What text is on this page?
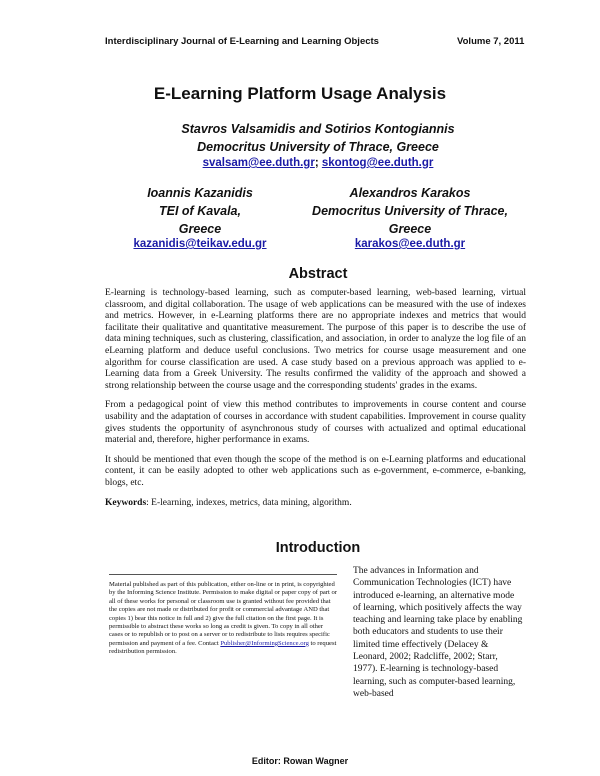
Interdisciplinary Journal of E-Learning and Learning Objects	Volume 7, 2011
E-Learning Platform Usage Analysis
Stavros Valsamidis and Sotirios Kontogiannis
Democritus University of Thrace, Greece
svalsam@ee.duth.gr; skontog@ee.duth.gr
Ioannis Kazanidis
TEI of Kavala,
Greece
Alexandros Karakos
Democritus University of Thrace,
Greece
kazanidis@teikav.edu.gr	karakos@ee.duth.gr
Abstract

E-learning is technology-based learning, such as computer-based learning, web-based learning, virtual classroom, and digital collaboration. The usage of web applications can be measured with the use of indexes and metrics. However, in e-Learning platforms there are no appropriate indexes and metrics that would facilitate their qualitative and quantitative measurement. The purpose of this paper is to describe the use of data mining techniques, such as clustering, classification, and association, in order to analyze the log file of an eLearning platform and deduce useful conclusions. Two metrics for course usage measurement and one algorithm for course classification are used. A case study based on a previous approach was applied to e-Learning data from a Greek University. The results confirmed the validity of the approach and showed a strong relationship between the course usage and the corresponding students' grades in the exams.

From a pedagogical point of view this method contributes to improvements in course content and course usability and the adaptation of courses in accordance with student capabilities. Improvement in course quality gives students the opportunity of asynchronous study of courses with actualized and optimal educational material and, therefore, higher performance in exams.

It should be mentioned that even though the scope of the method is on e-Learning platforms and educational content, it can be easily adopted to other web applications such as e-government, e-commerce, e-banking, blogs, etc.

Keywords: E-learning, indexes, metrics, data mining, algorithm.

Introduction
Material published as part of this publication, either on-line or in print, is copyrighted by the Informing Science Institute. Permission to make digital or paper copy of part or all of these works for personal or classroom use is granted without fee provided that the copies are not made or distributed for profit or commercial advantage AND that copies 1) bear this notice in full and 2) give the full citation on the first page. It is permissible to abstract these works so long as credit is given. To copy in all other cases or to republish or to post on a server or to redistribute to lists requires specific permission and payment of a fee. Contact Publisher@InformingScience.org to request redistribution permission.
The advances in Information and Communication Technologies (ICT) have introduced e-learning, an alternative mode of learning, which positively affects the way teaching and learning take place by enabling both educators and students to use their limited time effectively (Delacey & Leonard, 2002; Radcliffe, 2002; Starr, 1977). E-learning is technology-based learning, such as computer-based learning, web-based
Editor: Rowan Wagner
